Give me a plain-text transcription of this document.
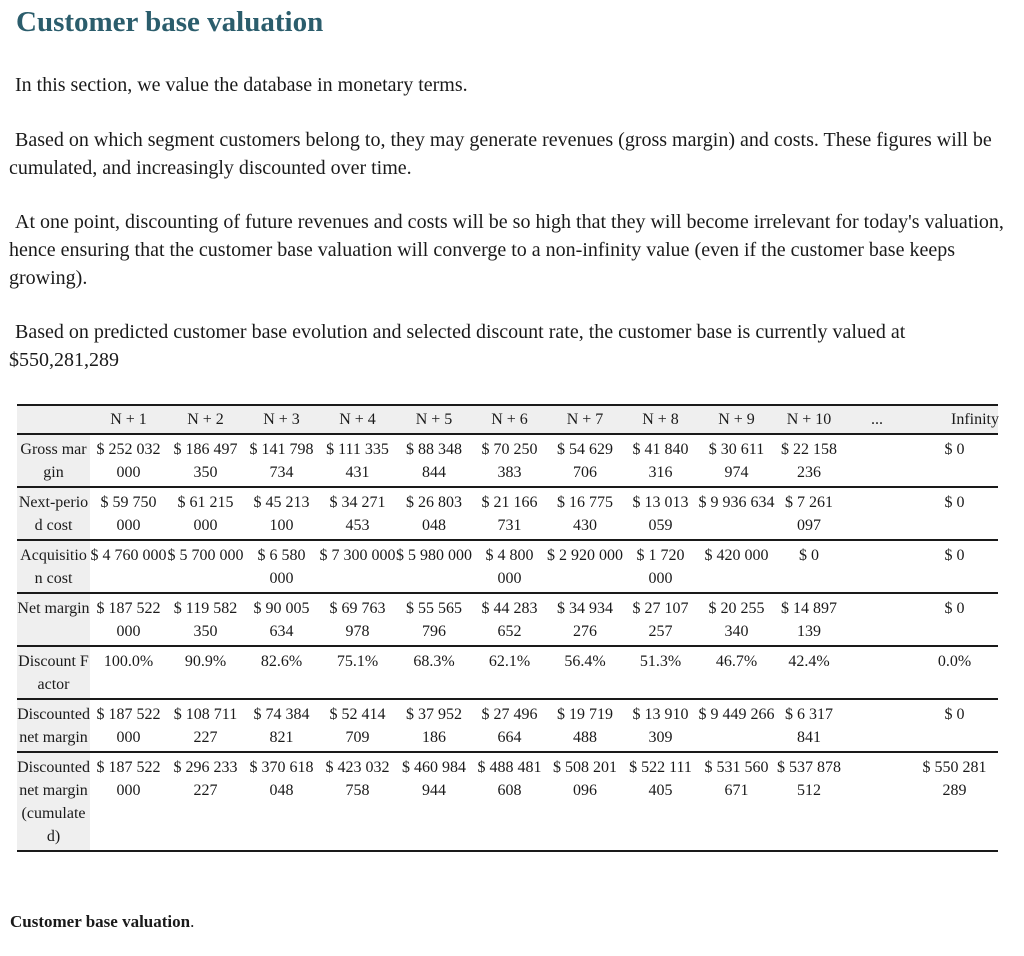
Customer base valuation

In this section, we value the database in monetary terms.

Based on which segment customers belong to, they may generate revenues (gross margin) and costs. These figures will be cumulated, and increasingly discounted over time.

At one point, discounting of future revenues and costs will be so high that they will become irrelevant for today's valuation, hence ensuring that the customer base valuation will converge to a non-infinity value (even if the customer base keeps growing).

Based on predicted customer base evolution and selected discount rate, the customer base is currently valued at $550,281,289

	N + 1	N + 2	N + 3	N + 4	N + 5	N + 6	N + 7	N + 8	N + 9	N + 10	...	Infinity
Gross margin	$ 252 032 000	$ 186 497 350	$ 141 798 734	$ 111 335 431	$ 88 348 844	$ 70 250 383	$ 54 629 706	$ 41 840 316	$ 30 611 974	$ 22 158 236		$ 0
Next-period cost	$ 59 750 000	$ 61 215 000	$ 45 213 100	$ 34 271 453	$ 26 803 048	$ 21 166 731	$ 16 775 430	$ 13 013 059	$ 9 936 634	$ 7 261 097		$ 0
Acquisition cost	$ 4 760 000	$ 5 700 000	$ 6 580 000	$ 7 300 000	$ 5 980 000	$ 4 800 000	$ 2 920 000	$ 1 720 000	$ 420 000	$ 0		$ 0
Net margin	$ 187 522 000	$ 119 582 350	$ 90 005 634	$ 69 763 978	$ 55 565 796	$ 44 283 652	$ 34 934 276	$ 27 107 257	$ 20 255 340	$ 14 897 139		$ 0
Discount Factor	100.0%	90.9%	82.6%	75.1%	68.3%	62.1%	56.4%	51.3%	46.7%	42.4%		0.0%
Discounted net margin	$ 187 522 000	$ 108 711 227	$ 74 384 821	$ 52 414 709	$ 37 952 186	$ 27 496 664	$ 19 719 488	$ 13 910 309	$ 9 449 266	$ 6 317 841		$ 0
Discounted net margin (cumulated)	$ 187 522 000	$ 296 233 227	$ 370 618 048	$ 423 032 758	$ 460 984 944	$ 488 481 608	$ 508 201 096	$ 522 111 405	$ 531 560 671	$ 537 878 512		$ 550 281 289

Customer base valuation.
